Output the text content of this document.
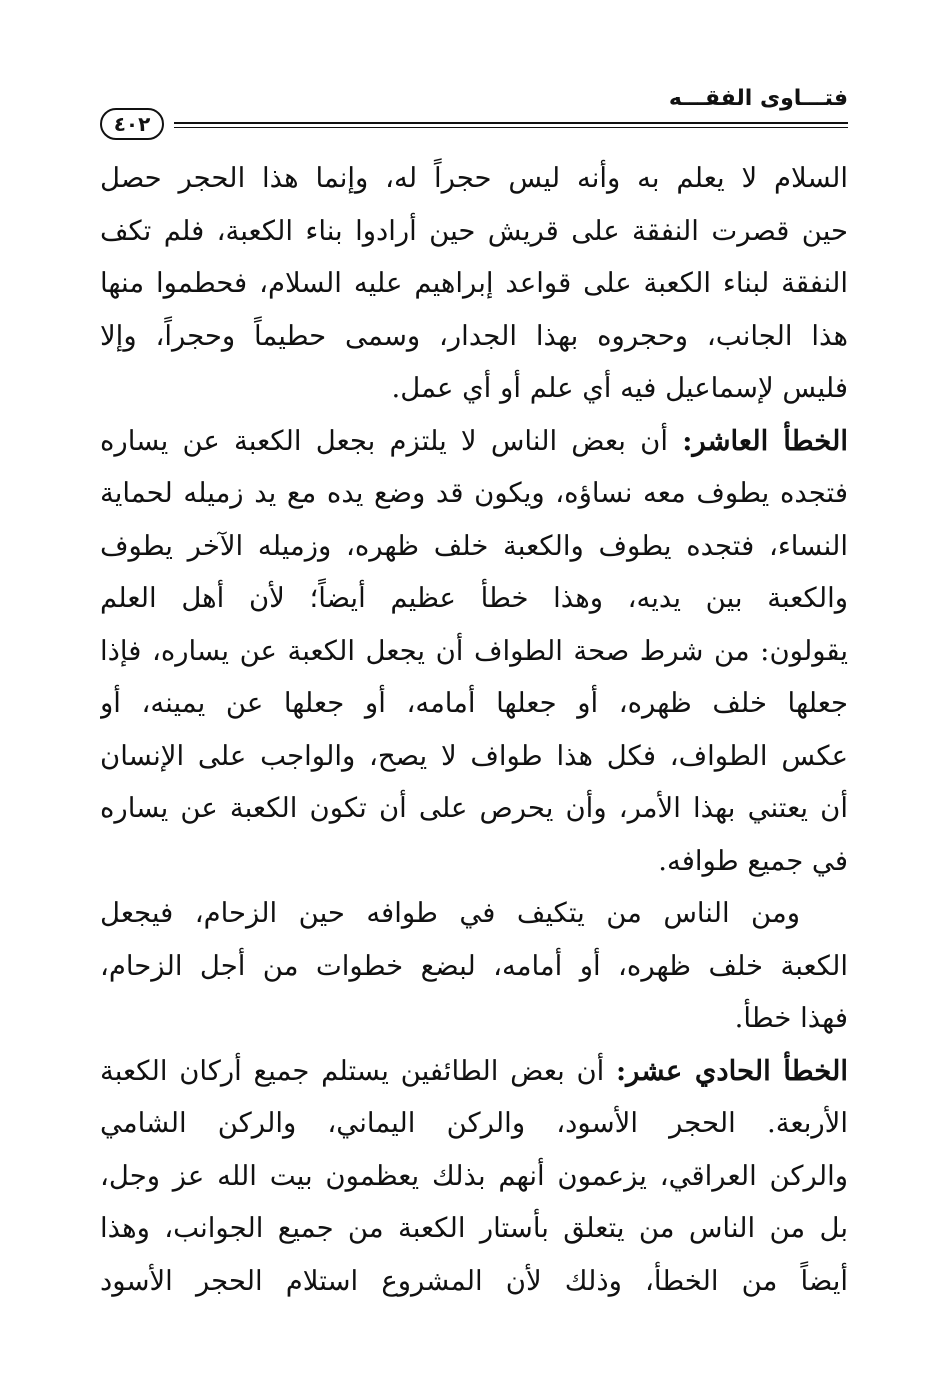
فتـــاوى الفقـــه
٤٠٢
السلام لا يعلم به وأنه ليس حجراً له، وإنما هذا الحجر حصل
حين قصرت النفقة على قريش حين أرادوا بناء الكعبة، فلم تكف
النفقة لبناء الكعبة على قواعد إبراهيم عليه السلام، فحطموا منها
هذا الجانب، وحجروه بهذا الجدار، وسمى حطيماً وحجراً، وإلا
فليس لإسماعيل فيه أي علم أو أي عمل.
الخطأ العاشر: أن بعض الناس لا يلتزم بجعل الكعبة عن يساره
فتجده يطوف معه نساؤه، ويكون قد وضع يده مع يد زميله لحماية
النساء، فتجده يطوف والكعبة خلف ظهره، وزميله الآخر يطوف
والكعبة بين يديه، وهذا خطأ عظيم أيضاً؛ لأن أهل العلم
يقولون: من شرط صحة الطواف أن يجعل الكعبة عن يساره، فإذا
جعلها خلف ظهره، أو جعلها أمامه، أو جعلها عن يمينه، أو
عكس الطواف، فكل هذا طواف لا يصح، والواجب على الإنسان
أن يعتني بهذا الأمر، وأن يحرص على أن تكون الكعبة عن يساره
في جميع طوافه.
ومن الناس من يتكيف في طوافه حين الزحام، فيجعل
الكعبة خلف ظهره، أو أمامه، لبضع خطوات من أجل الزحام،
فهذا خطأ.
الخطأ الحادي عشر: أن بعض الطائفين يستلم جميع أركان الكعبة
الأربعة. الحجر الأسود، والركن اليماني، والركن الشامي
والركن العراقي، يزعمون أنهم بذلك يعظمون بيت الله عز وجل،
بل من الناس من يتعلق بأستار الكعبة من جميع الجوانب، وهذا
أيضاً من الخطأ، وذلك لأن المشروع استلام الحجر الأسود
